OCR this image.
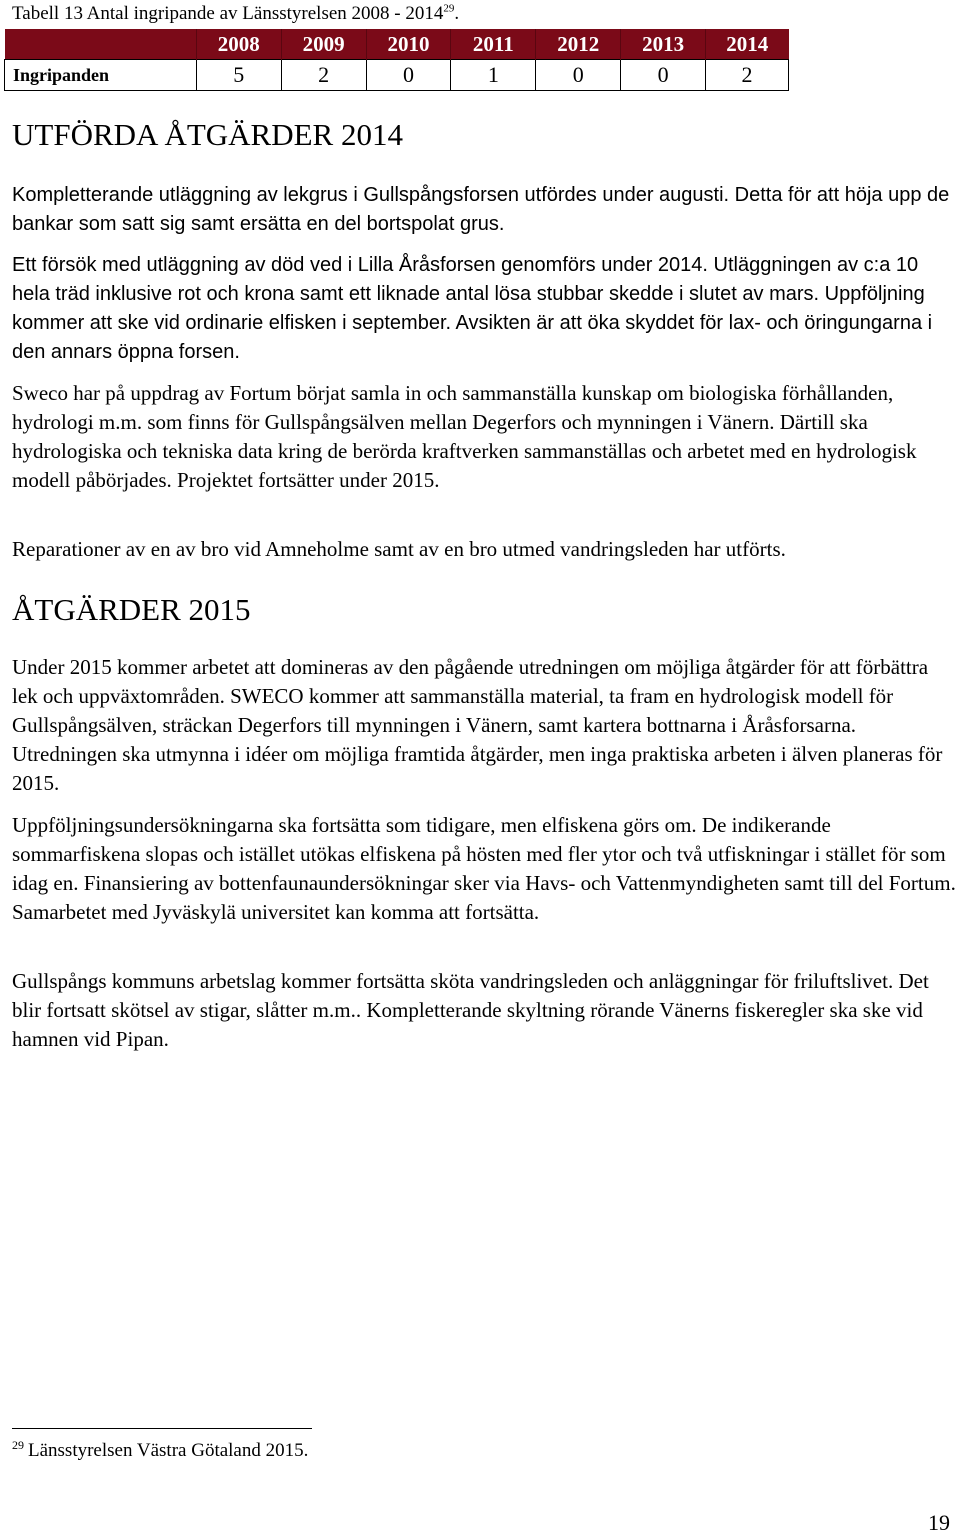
Tabell 13 Antal ingripande av Länsstyrelsen 2008 - 2014$^{29}$.
	2008	2009	2010	2011	2012	2013	2014
Ingripanden	5	2	0	1	0	0	2
UTFÖRDA ÅTGÄRDER 2014
Kompletterande utläggning av lekgrus i Gullspångsforsen utfördes under augusti. Detta för att höja upp de bankar som satt sig samt ersätta en del bortspolat grus.
Ett försök med utläggning av död ved i Lilla Åråsforsen genomförs under 2014. Utläggningen av c:a 10 hela träd inklusive rot och krona samt ett liknade antal lösa stubbar skedde i slutet av mars. Uppföljning kommer att ske vid ordinarie elfisken i september. Avsikten är att öka skyddet för lax- och öringungarna i den annars öppna forsen.
Sweco har på uppdrag av Fortum börjat samla in och sammanställa kunskap om biologiska förhållanden, hydrologi m.m. som finns för Gullspångsälven mellan Degerfors och mynningen i Vänern. Därtill ska hydrologiska och tekniska data kring de berörda kraftverken sammanställas och arbetet med en hydrologisk modell påbörjades. Projektet fortsätter under 2015.
Reparationer av en av bro vid Amneholme samt av en bro utmed vandringsleden har utförts.
ÅTGÄRDER 2015
Under 2015 kommer arbetet att domineras av den pågående utredningen om möjliga åtgärder för att förbättra lek och uppväxtområden. SWECO kommer att sammanställa material, ta fram en hydrologisk modell för Gullspångsälven, sträckan Degerfors till mynningen i Vänern, samt kartera bottnarna i Åråsforsarna. Utredningen ska utmynna i idéer om möjliga framtida åtgärder, men inga praktiska arbeten i älven planeras för 2015.
Uppföljningsundersökningarna ska fortsätta som tidigare, men elfiskena görs om. De indikerande sommarfiskena slopas och istället utökas elfiskena på hösten med fler ytor och två utfiskningar i stället för som idag en. Finansiering av bottenfaunaundersökningar sker via Havs- och Vattenmyndigheten samt till del Fortum. Samarbetet med Jyväskylä universitet kan komma att fortsätta.
Gullspångs kommuns arbetslag kommer fortsätta sköta vandringsleden och anläggningar för friluftslivet. Det blir fortsatt skötsel av stigar, slåtter m.m.. Kompletterande skyltning rörande Vänerns fiskeregler ska ske vid hamnen vid Pipan.
$^{29}$ Länsstyrelsen Västra Götaland 2015.
19
